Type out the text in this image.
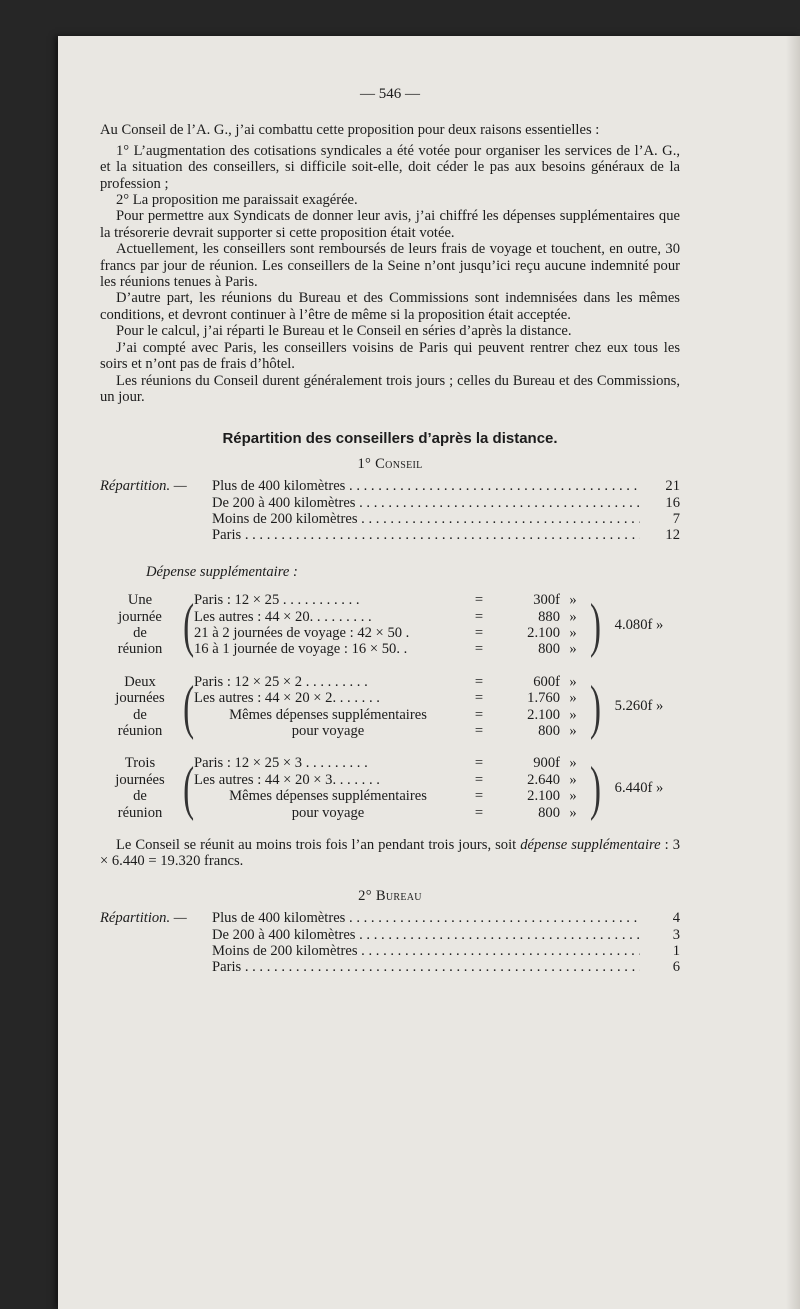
— 546 —

Au Conseil de l’A. G., j’ai combattu cette proposition pour deux raisons essentielles :

1° L’augmentation des cotisations syndicales a été votée pour organiser les services de l’A. G., et la situation des conseillers, si difficile soit-elle, doit céder le pas aux besoins généraux de la profession ;

2° La proposition me paraissait exagérée.

Pour permettre aux Syndicats de donner leur avis, j’ai chiffré les dépenses supplémentaires que la trésorerie devrait supporter si cette proposition était votée.

Actuellement, les conseillers sont remboursés de leurs frais de voyage et touchent, en outre, 30 francs par jour de réunion. Les conseillers de la Seine n’ont jusqu’ici reçu aucune indemnité pour les réunions tenues à Paris.

D’autre part, les réunions du Bureau et des Commissions sont indemnisées dans les mêmes conditions, et devront continuer à l’être de même si la proposition était acceptée.

Pour le calcul, j’ai réparti le Bureau et le Conseil en séries d’après la distance.

J’ai compté avec Paris, les conseillers voisins de Paris qui peuvent rentrer chez eux tous les soirs et n’ont pas de frais d’hôtel.

Les réunions du Conseil durent généralement trois jours ; celles du Bureau et des Commissions, un jour.

Répartition des conseillers d’après la distance.
1° Conseil
Répartition. —	Plus de 400 kilomètres . . .	21
De 200 à 400 kilomètres . . .	16
Moins de 200 kilomètres . . .	7
Paris . . .	12
Dépense supplémentaire :
Une
journée
de
réunion ( Paris : 12 × 25 . . . . . . . . . . .	=	300f »
Les autres : 44 × 20. . . . . . . . .	=	880 »
21 à 2 journées de voyage : 42 × 50 .	=	2.100 »
16 à 1 journée de voyage : 16 × 50. .	=	800 » ) 4.080f »
Deux
journées
de
réunion ( Paris : 12 × 25 × 2 . . . . . . . . .	=	600f »
Les autres : 44 × 20 × 2. . . . . . .	=	1.760 »
Mêmes dépenses supplémentaires	=	2.100 »
pour voyage	=	800 » ) 5.260f »
Trois
journées
de
réunion ( Paris : 12 × 25 × 3 . . . . . . . . .	=	900f »
Les autres : 44 × 20 × 3. . . . . . .	=	2.640 »
Mêmes dépenses supplémentaires	=	2.100 »
pour voyage	=	800 » ) 6.440f »

Le Conseil se réunit au moins trois fois l’an pendant trois jours, soit dépense supplémentaire : 3 × 6.440 = 19.320 francs.

2° Bureau
Répartition. —	Plus de 400 kilomètres . . .	4
De 200 à 400 kilomètres . . .	3
Moins de 200 kilomètres . . .	1
Paris . . .	6
